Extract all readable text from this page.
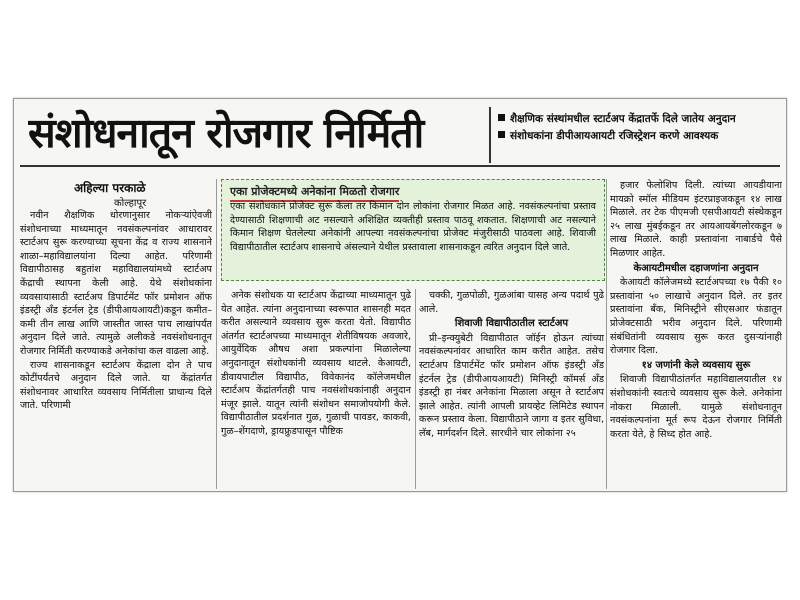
संशोधनातून रोजगार निर्मिती	शैक्षणिक संस्थांमधील स्टार्टअप केंद्रातर्फे दिले जातेय अनुदान
संशोधकांना डीपीआयआयटी रजिस्ट्रेशन करणे आवश्यक
अहिल्या परकाळे
कोल्हापूर

नवीन शैक्षणिक धोरणानुसार नोकऱ्यांऐवजी संशोधनाच्या माध्यमातून नवसंकल्पनांवर आधारावर स्टार्टअप सुरू करण्याच्या सूचना केंद्र व राज्य शासनाने शाळा–महाविद्यालयांना दिल्या आहेत. परिणामी विद्यापीठासह बहुतांश महाविद्यालयांमध्ये स्टार्टअप केंद्राची स्थापना केली आहे. येथे संशोधकांना व्यवसायासाठी स्टार्टअप डिपार्टमेंट फॉर प्रमोशन ऑफ इंडस्ट्री अँड इंटर्नल ट्रेड (डीपीआयआयटी)कडून कमीत–कमी तीन लाख आणि जास्तीत जास्त पाच लाखांपर्यंत अनुदान दिले जाते. त्यामुळे अलीकडे नवसंशोधनातून रोजगार निर्मिती करण्याकडे अनेकांचा कल वाढला आहे.

राज्य शासनाकडून स्टार्टअप केंद्राला दोन ते पाच कोटींपर्यंतचे अनुदान दिले जाते. या केंद्रांतर्गत संशोधनावर आधारित व्यवसाय निर्मितीला प्राधान्य दिले जाते. परिणामी

एका प्रोजेक्टमध्ये अनेकांना मिळतो रोजगार
एका संशोधकाने प्रोजेक्ट सुरू केला तर किमान दोन लोकांना रोजगार मिळत आहे. नवसंकल्पनांचा प्रस्ताव देण्यासाठी शिक्षणाची अट नसल्याने अशिक्षित व्यक्तीही प्रस्ताव पाठवू शकतात. शिक्षणाची अट नसल्याने किमान शिक्षण घेतलेल्या अनेकांनी आपल्या नवसंकल्पनांचा प्रोजेक्ट मंजुरीसाठी पाठवला आहे. शिवाजी विद्यापीठातील स्टार्टअप शासनाचे अंसल्याने येथील प्रस्तावाला शासनाकडून त्वरित अनुदान दिले जाते.

अनेक संशोधक या स्टार्टअप केंद्राच्या माध्यमातून पुढे येत आहेत. त्यांना अनुदानाच्या स्वरूपात शासनही मदत करीत असल्याने व्यवसाय सुरू करता येतो. विद्यापीठ अंतर्गत स्टार्टअपच्या माध्यमातून शेतीविषयक अवजारे, आयुर्वेदिक औषध अशा प्रकल्पांना मिळालेल्या अनुदानातून संशोधकांनी व्यवसाय थाटले. केआयटी, डीवायपाटील विद्यापीठ, विवेकानंद कॉलेजमधील स्टार्टअप केंद्रांतर्गतही पाच नवसंशोधकांनाही अनुदान मंजूर झाले. यातून त्यांनी संशोधन समाजोपयोगी केले. विद्यापीठातील प्रदर्शनात गुळ, गुळाची पावडर, काकवी, गुळ–शेंगदाणे, ड्रायफ्रुडपासून पौष्टिक

चक्की, गुळपोळी, गुळआंबा यासह अन्य पदार्थ पुढे आले.

शिवाजी विद्यापीठातील स्टार्टअप

प्री–इन्क्युबेटी विद्यापीठात जॉईन होऊन त्यांच्या नवसंकल्पनांवर आधारित काम करीत आहेत. तसेच स्टार्टअप डिपार्टमेंट फॉर प्रमोशन ऑफ इंडस्ट्री अँड इंटर्नल ट्रेड (डीपीआयआयटी) मिनिस्ट्री कॉमर्स अँड इंडस्ट्री हा नंबर अनेकांना मिळाला असून ते स्टार्टअप झाले आहेत. त्यांनी आपली प्रायव्हेट लिमिटेड स्थापन करून प्रस्ताव केला. विद्यापीठाने जागा व इतर सुविधा, लॅब, मार्गदर्शन दिले. सारधीने चार लोकांना २५

हजार फेलोशिप दिली. त्यांच्या आयडीयाना मायक्रो स्मॉल मीडियम इंटरप्राइजकडून १४ लाख मिळाले. तर टेक पीएमजी एसपीआयटी संस्थेकडून २५ लाख मुंबईकडून तर आयआयबेंगलोरकडून ७ लाख मिळाले. काही प्रस्तावांना नाबार्डचे पैसे मिळणार आहेत.

केआयटीमधील दहाजणांना अनुदान

केआयटी कॉलेजमध्ये स्टार्टअपच्या १७ पैकी १० प्रस्तावांना ५० लाखाचे अनुदान दिले. तर इतर प्रस्तावांना बँक, मिनिस्ट्रीने सीएसआर फंडातून प्रोजेक्टसाठी भरीव अनुदान दिले. परिणामी संबंधितांनी व्यवसाय सुरू करत दुसऱ्यांनाही रोजगार दिला.

१४ जणांनी केले व्यवसाय सुरू

शिवाजी विद्यापीठांतर्गत महाविद्यालयातील १४ संशोधकांनी स्वतःचे व्यवसाय सुरू केले. अनेकांना नोकरा मिळाली. यामुळे संशोधनातून नवसंकल्पनांना मूर्त रूप देऊन रोजगार निर्मिती करता येते, हे सिध्द होत आहे.
